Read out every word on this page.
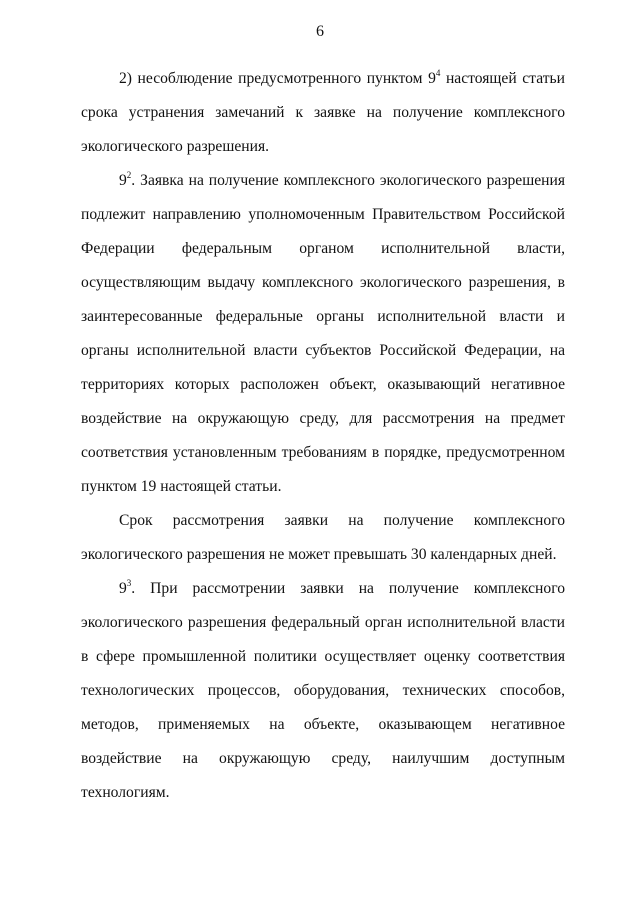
6

2) несоблюдение предусмотренного пунктом $9^4$ настоящей статьи срока устранения замечаний к заявке на получение комплексного экологического разрешения.

$9^2$. Заявка на получение комплексного экологического разрешения подлежит направлению уполномоченным Правительством Российской Федерации федеральным органом исполнительной власти, осуществляющим выдачу комплексного экологического разрешения, в заинтересованные федеральные органы исполнительной власти и органы исполнительной власти субъектов Российской Федерации, на территориях которых расположен объект, оказывающий негативное воздействие на окружающую среду, для рассмотрения на предмет соответствия установленным требованиям в порядке, предусмотренном пунктом 19 настоящей статьи.

Срок рассмотрения заявки на получение комплексного экологического разрешения не может превышать 30 календарных дней.

$9^3$. При рассмотрении заявки на получение комплексного экологического разрешения федеральный орган исполнительной власти в сфере промышленной политики осуществляет оценку соответствия технологических процессов, оборудования, технических способов, методов, применяемых на объекте, оказывающем негативное воздействие на окружающую среду, наилучшим доступным технологиям.
